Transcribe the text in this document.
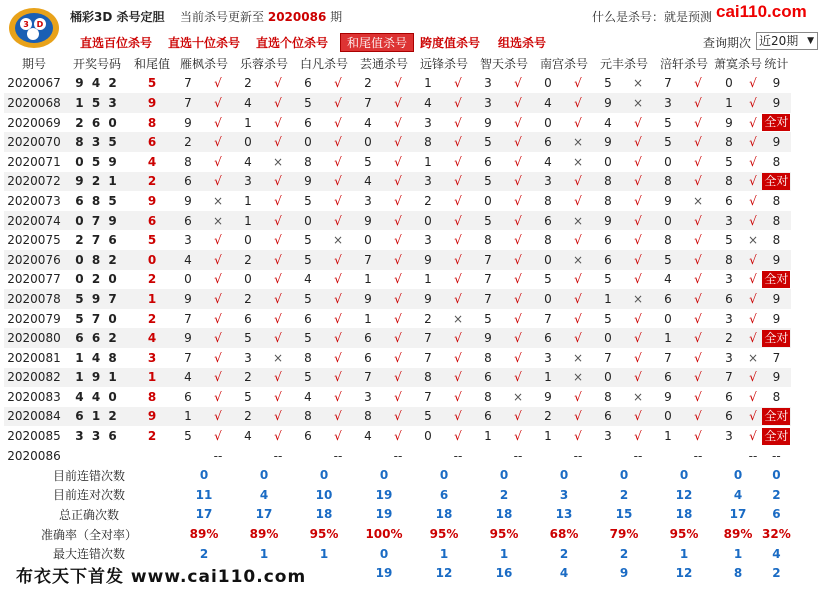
3 D
桶彩3D 杀号定胆 当前杀号更新至 2020086 期	什么是杀号：就是预测 cai110.com
直选百位杀号 直选十位杀号 直选个位杀号	和尾值杀号	跨度值杀号 组选杀号	查询期次 近20期 ▼
期号	开奖号码	和尾值	雁枫杀号		乐蓉杀号		白凡杀号		芸通杀号		远锋杀号		智天杀号		南宫杀号		元丰杀号		涪轩杀号		萧寞杀号		统计
2020067	9 4 2	5	7	√	2	√	6	√	2	√	1	√	3	√	0	√	5	×	7	√	0	√	9
2020068	1 5 3	9	7	√	4	√	5	√	7	√	4	√	3	√	4	√	9	×	3	√	1	√	9
2020069	2 6 0	8	9	√	1	√	6	√	4	√	3	√	9	√	0	√	4	√	5	√	9	√	全对
2020070	8 3 5	6	2	√	0	√	0	√	0	√	8	√	5	√	6	×	9	√	5	√	8	√	9
2020071	0 5 9	4	8	√	4	×	8	√	5	√	1	√	6	√	4	×	0	√	0	√	5	√	8
2020072	9 2 1	2	6	√	3	√	9	√	4	√	3	√	5	√	3	√	8	√	8	√	8	√	全对
2020073	6 8 5	9	9	×	1	√	5	√	3	√	2	√	0	√	8	√	8	√	9	×	6	√	8
2020074	0 7 9	6	6	×	1	√	0	√	9	√	0	√	5	√	6	×	9	√	0	√	3	√	8
2020075	2 7 6	5	3	√	0	√	5	×	0	√	3	√	8	√	8	√	6	√	8	√	5	×	8
2020076	0 8 2	0	4	√	2	√	5	√	7	√	9	√	7	√	0	×	6	√	5	√	8	√	9
2020077	0 2 0	2	0	√	0	√	4	√	1	√	1	√	7	√	5	√	5	√	4	√	3	√	全对
2020078	5 9 7	1	9	√	2	√	5	√	9	√	9	√	7	√	0	√	1	×	6	√	6	√	9
2020079	5 7 0	2	7	√	6	√	6	√	1	√	2	×	5	√	7	√	5	√	0	√	3	√	9
2020080	6 6 2	4	9	√	5	√	5	√	6	√	7	√	9	√	6	√	0	√	1	√	2	√	全对
2020081	1 4 8	3	7	√	3	×	8	√	6	√	7	√	8	√	3	×	7	√	7	√	3	×	7
2020082	1 9 1	1	4	√	2	√	5	√	7	√	8	√	6	√	1	×	0	√	6	√	7	√	9
2020083	4 4 0	8	6	√	5	√	4	√	3	√	7	√	8	×	9	√	8	×	9	√	6	√	8
2020084	6 1 2	9	1	√	2	√	8	√	8	√	5	√	6	√	2	√	6	√	0	√	6	√	全对
2020085	3 3 6	2	5	√	4	√	6	√	4	√	0	√	1	√	1	√	3	√	1	√	3	√	全对
2020086	当前期杀号		3	--	7	--	1	--	0	--	5	--	6	--	2	--	9	--	9	--	9	--	--
目前连错次数			0		0		0		0		0		0		0		0		0		0		0
目前连对次数			11		4		10		19		6		2		3		2		12		4		2
总正确次数			17		17		18		19		18		18		13		15		18		17		6
准确率（全对率）			89%		89%		95%		100%		95%		95%		68%		79%		95%		89%		32%
最大连错次数			2		1		1		0		1		1		2		2		1		1		4
									19		12		16		4		9		12		8		2
布衣天下首发 www.cai110.com
